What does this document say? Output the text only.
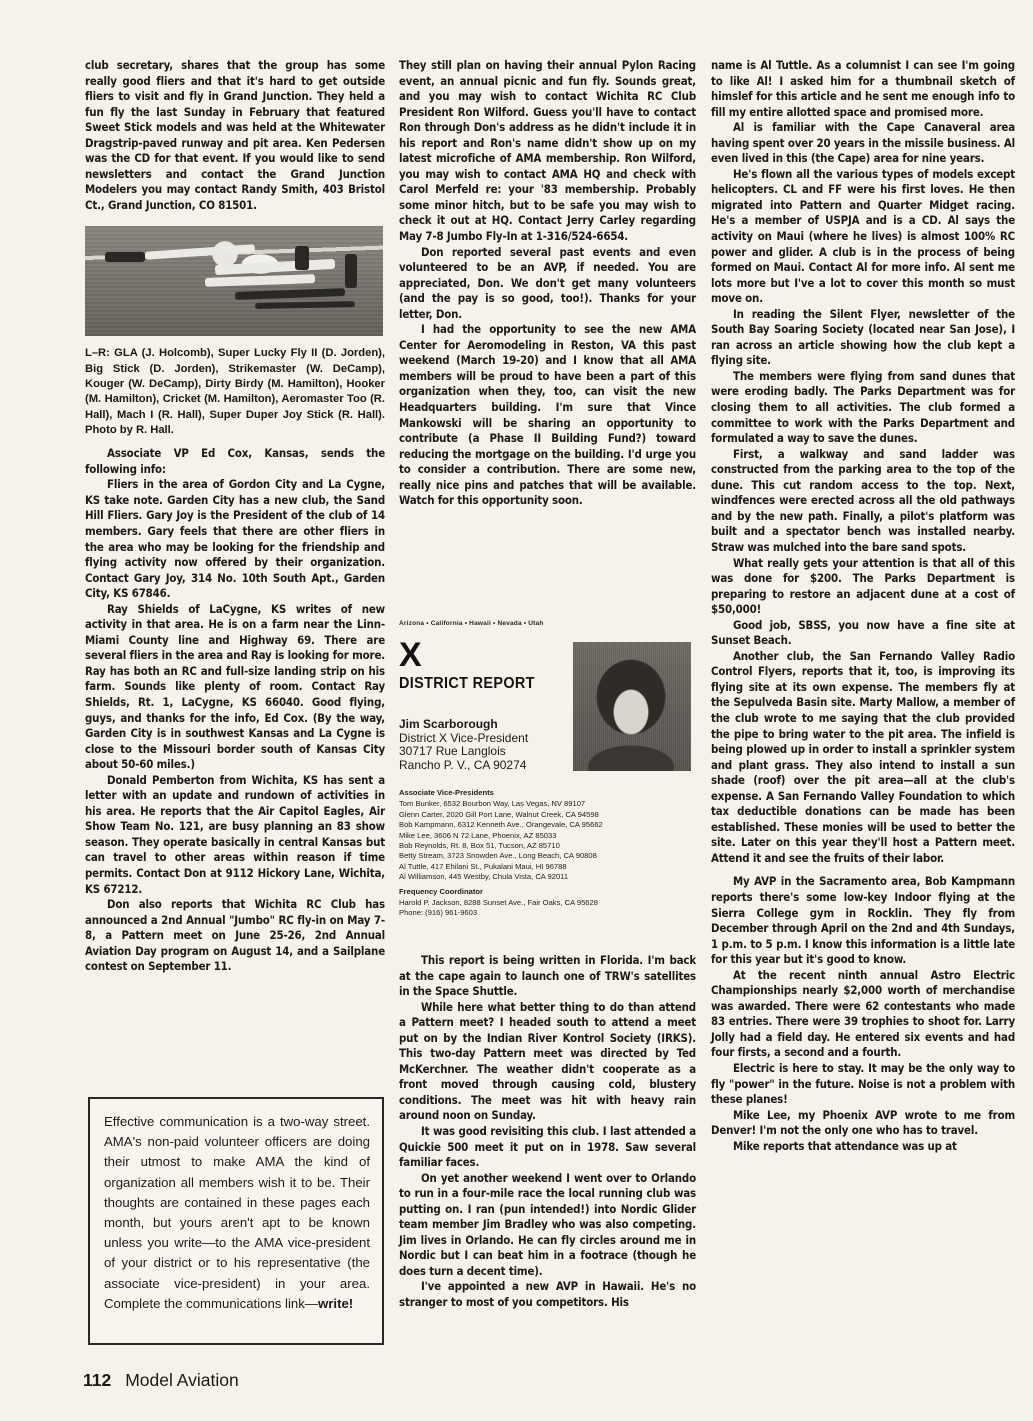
club secretary, shares that the group has some really good fliers and that it's hard to get outside fliers to visit and fly in Grand Junction. They held a fun fly the last Sunday in February that featured Sweet Stick models and was held at the Whitewater Dragstrip-paved runway and pit area. Ken Pedersen was the CD for that event. If you would like to send newsletters and contact the Grand Junction Modelers you may contact Randy Smith, 403 Bristol Ct., Grand Junction, CO 81501.

L–R: GLA (J. Holcomb), Super Lucky Fly II (D. Jorden), Big Stick (D. Jorden), Strikemaster (W. DeCamp), Kouger (W. DeCamp), Dirty Birdy (M. Hamilton), Hooker (M. Hamilton), Cricket (M. Hamilton), Aeromaster Too (R. Hall), Mach I (R. Hall), Super Duper Joy Stick (R. Hall). Photo by R. Hall.

Associate VP Ed Cox, Kansas, sends the following info:

Fliers in the area of Gordon City and La Cygne, KS take note. Garden City has a new club, the Sand Hill Fliers. Gary Joy is the President of the club of 14 members. Gary feels that there are other fliers in the area who may be looking for the friendship and flying activity now offered by their organization. Contact Gary Joy, 314 No. 10th South Apt., Garden City, KS 67846.

Ray Shields of LaCygne, KS writes of new activity in that area. He is on a farm near the Linn-Miami County line and Highway 69. There are several fliers in the area and Ray is looking for more. Ray has both an RC and full-size landing strip on his farm. Sounds like plenty of room. Contact Ray Shields, Rt. 1, LaCygne, KS 66040. Good flying, guys, and thanks for the info, Ed Cox. (By the way, Garden City is in southwest Kansas and La Cygne is close to the Missouri border south of Kansas City about 50-60 miles.)

Donald Pemberton from Wichita, KS has sent a letter with an update and rundown of activities in his area. He reports that the Air Capitol Eagles, Air Show Team No. 121, are busy planning an 83 show season. They operate basically in central Kansas but can travel to other areas within reason if time permits. Contact Don at 9112 Hickory Lane, Wichita, KS 67212.

Don also reports that Wichita RC Club has announced a 2nd Annual "Jumbo" RC fly-in on May 7-8, a Pattern meet on June 25-26, 2nd Annual Aviation Day program on August 14, and a Sailplane contest on September 11.

Effective communication is a two-way street. AMA's non-paid volunteer officers are doing their utmost to make AMA the kind of organization all members wish it to be. Their thoughts are contained in these pages each month, but yours aren't apt to be known unless you write—to the AMA vice-president of your district or to his representative (the associate vice-president) in your area. Complete the communications link—write!

112 Model Aviation

They still plan on having their annual Pylon Racing event, an annual picnic and fun fly. Sounds great, and you may wish to contact Wichita RC Club President Ron Wilford. Guess you'll have to contact Ron through Don's address as he didn't include it in his report and Ron's name didn't show up on my latest microfiche of AMA membership. Ron Wilford, you may wish to contact AMA HQ and check with Carol Merfeld re: your '83 membership. Probably some minor hitch, but to be safe you may wish to check it out at HQ. Contact Jerry Carley regarding May 7-8 Jumbo Fly-In at 1-316/524-6654.

Don reported several past events and even volunteered to be an AVP, if needed. You are appreciated, Don. We don't get many volunteers (and the pay is so good, too!). Thanks for your letter, Don.

I had the opportunity to see the new AMA Center for Aeromodeling in Reston, VA this past weekend (March 19-20) and I know that all AMA members will be proud to have been a part of this organization when they, too, can visit the new Headquarters building. I'm sure that Vince Mankowski will be sharing an opportunity to contribute (a Phase II Building Fund?) toward reducing the mortgage on the building. I'd urge you to consider a contribution. There are some new, really nice pins and patches that will be available. Watch for this opportunity soon.

Arizona • California • Hawaii • Nevada • Utah
X
DISTRICT REPORT
Jim Scarborough
District X Vice-President
30717 Rue Langlois
Rancho P. V., CA 90274
Associate Vice-Presidents
Tom Bunker, 6532 Bourbon Way, Las Vegas, NV 89107
Glenn Carter, 2020 Gill Port Lane, Walnut Creek, CA 94598
Bob Kampmann, 6312 Kenneth Ave., Orangevale, CA 95662
Mike Lee, 3606 N 72 Lane, Phoenix, AZ 85033
Bob Reynolds, Rt. 8, Box 51, Tucson, AZ 85710
Betty Stream, 3723 Snowden Ave., Long Beach, CA 90808
Al Tuttle, 417 Ehilani St., Pukalani Maui, HI 96788
Al Williamson, 445 Westby, Chula Vista, CA 92011
Frequency Coordinator
Harold P. Jackson, 8288 Sunset Ave., Fair Oaks, CA 95628
Phone: (916) 961-9603

This report is being written in Florida. I'm back at the cape again to launch one of TRW's satellites in the Space Shuttle.

While here what better thing to do than attend a Pattern meet? I headed south to attend a meet put on by the Indian River Kontrol Society (IRKS). This two-day Pattern meet was directed by Ted McKerchner. The weather didn't cooperate as a front moved through causing cold, blustery conditions. The meet was hit with heavy rain around noon on Sunday.

It was good revisiting this club. I last attended a Quickie 500 meet it put on in 1978. Saw several familiar faces.

On yet another weekend I went over to Orlando to run in a four-mile race the local running club was putting on. I ran (pun intended!) into Nordic Glider team member Jim Bradley who was also competing. Jim lives in Orlando. He can fly circles around me in Nordic but I can beat him in a footrace (though he does turn a decent time).

I've appointed a new AVP in Hawaii. He's no stranger to most of you competitors. His

name is Al Tuttle. As a columnist I can see I'm going to like Al! I asked him for a thumbnail sketch of himslef for this article and he sent me enough info to fill my entire allotted space and promised more.

Al is familiar with the Cape Canaveral area having spent over 20 years in the missile business. Al even lived in this (the Cape) area for nine years.

He's flown all the various types of models except helicopters. CL and FF were his first loves. He then migrated into Pattern and Quarter Midget racing. He's a member of USPJA and is a CD. Al says the activity on Maui (where he lives) is almost 100% RC power and glider. A club is in the process of being formed on Maui. Contact Al for more info. Al sent me lots more but I've a lot to cover this month so must move on.

In reading the Silent Flyer, newsletter of the South Bay Soaring Society (located near San Jose), I ran across an article showing how the club kept a flying site.

The members were flying from sand dunes that were eroding badly. The Parks Department was for closing them to all activities. The club formed a committee to work with the Parks Department and formulated a way to save the dunes.

First, a walkway and sand ladder was constructed from the parking area to the top of the dune. This cut random access to the top. Next, windfences were erected across all the old pathways and by the new path. Finally, a pilot's platform was built and a spectator bench was installed nearby. Straw was mulched into the bare sand spots.

What really gets your attention is that all of this was done for $200. The Parks Department is preparing to restore an adjacent dune at a cost of $50,000!

Good job, SBSS, you now have a fine site at Sunset Beach.

Another club, the San Fernando Valley Radio Control Flyers, reports that it, too, is improving its flying site at its own expense. The members fly at the Sepulveda Basin site. Marty Mallow, a member of the club wrote to me saying that the club provided the pipe to bring water to the pit area. The infield is being plowed up in order to install a sprinkler system and plant grass. They also intend to install a sun shade (roof) over the pit area—all at the club's expense. A San Fernando Valley Foundation to which tax deductible donations can be made has been established. These monies will be used to better the site. Later on this year they'll host a Pattern meet. Attend it and see the fruits of their labor.

My AVP in the Sacramento area, Bob Kampmann reports there's some low-key Indoor flying at the Sierra College gym in Rocklin. They fly from December through April on the 2nd and 4th Sundays, 1 p.m. to 5 p.m. I know this information is a little late for this year but it's good to know.

At the recent ninth annual Astro Electric Championships nearly $2,000 worth of merchandise was awarded. There were 62 contestants who made 83 entries. There were 39 trophies to shoot for. Larry Jolly had a field day. He entered six events and had four firsts, a second and a fourth.

Electric is here to stay. It may be the only way to fly "power" in the future. Noise is not a problem with these planes!

Mike Lee, my Phoenix AVP wrote to me from Denver! I'm not the only one who has to travel.

Mike reports that attendance was up at
